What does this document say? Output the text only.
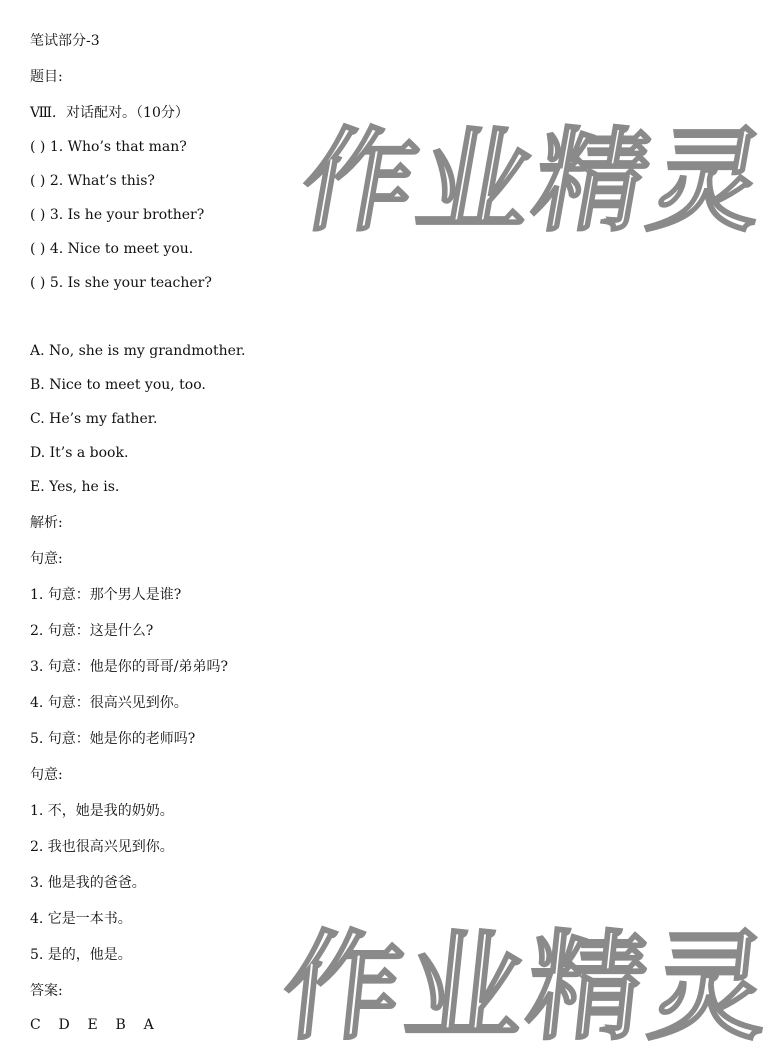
作业精灵
作业精灵
笔试部分-3
题目:
Ⅷ．对话配对。（10分）
( ) 1. Who’s that man?
( ) 2. What’s this?
( ) 3. Is he your brother?
( ) 4. Nice to meet you.
( ) 5. Is she your teacher?
A. No, she is my grandmother.
B. Nice to meet you, too.
C. He’s my father.
D. It’s a book.
E. Yes, he is.
解析:
句意:
1. 句意：那个男人是谁?
2. 句意：这是什么?
3. 句意：他是你的哥哥/弟弟吗?
4. 句意：很高兴见到你。
5. 句意：她是你的老师吗?
句意:
1. 不，她是我的奶奶。
2. 我也很高兴见到你。
3. 他是我的爸爸。
4. 它是一本书。
5. 是的，他是。
答案:
C    D    E    B    A
